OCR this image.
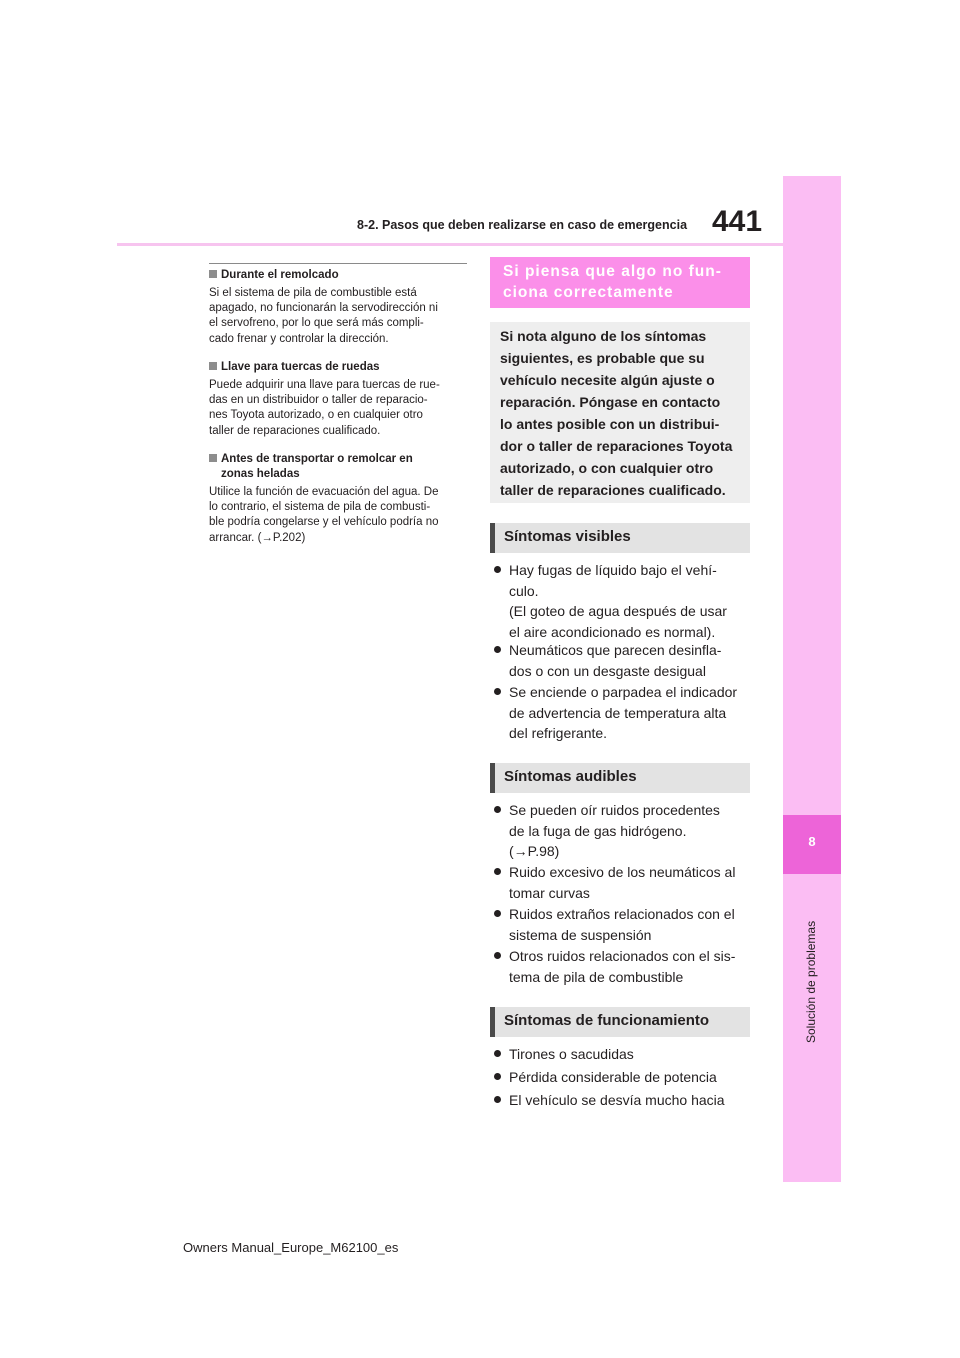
8-2. Pasos que deben realizarse en caso de emergencia 441
8
Solución de problemas
Durante el remolcado
Si el sistema de pila de combustible está
apagado, no funcionarán la servodirección ni
el servofreno, por lo que será más compli-
cado frenar y controlar la dirección.
Llave para tuercas de ruedas
Puede adquirir una llave para tuercas de rue-
das en un distribuidor o taller de reparacio-
nes Toyota autorizado, o en cualquier otro
taller de reparaciones cualificado.
Antes de transportar o remolcar en
zonas heladas
Utilice la función de evacuación del agua. De
lo contrario, el sistema de pila de combusti-
ble podría congelarse y el vehículo podría no
arrancar. (→P.202)
Si piensa que algo no fun-
ciona correctamente
Si nota alguno de los síntomas
siguientes, es probable que su
vehículo necesite algún ajuste o
reparación. Póngase en contacto
lo antes posible con un distribui-
dor o taller de reparaciones Toyota
autorizado, o con cualquier otro
taller de reparaciones cualificado.
Síntomas visibles
Hay fugas de líquido bajo el vehí-
culo.
(El goteo de agua después de usar
el aire acondicionado es normal).
Neumáticos que parecen desinfla-
dos o con un desgaste desigual
Se enciende o parpadea el indicador
de advertencia de temperatura alta
del refrigerante.
Síntomas audibles
Se pueden oír ruidos procedentes
de la fuga de gas hidrógeno.
(→P.98)
Ruido excesivo de los neumáticos al
tomar curvas
Ruidos extraños relacionados con el
sistema de suspensión
Otros ruidos relacionados con el sis-
tema de pila de combustible
Síntomas de funcionamiento
Tirones o sacudidas
Pérdida considerable de potencia
El vehículo se desvía mucho hacia
Owners Manual_Europe_M62100_es
